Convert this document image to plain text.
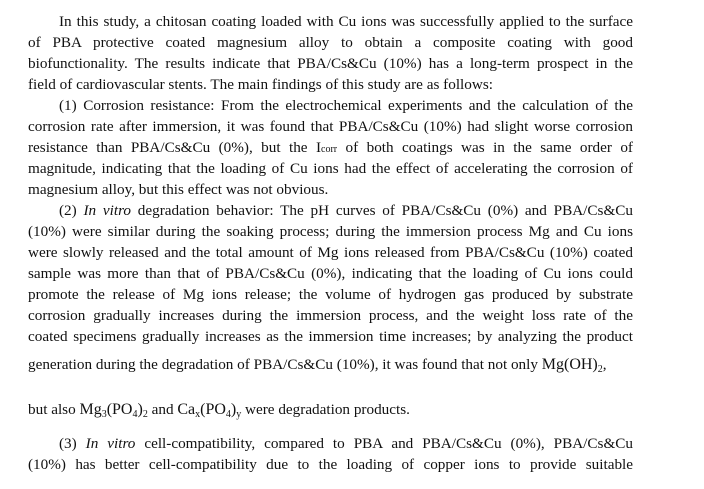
In this study, a chitosan coating loaded with Cu ions was successfully applied to the surface
of PBA protective coated magnesium alloy to obtain a composite coating with good
biofunctionality. The results indicate that PBA/Cs&Cu (10%) has a long-term prospect in the
field of cardiovascular stents. The main findings of this study are as follows:
(1) Corrosion resistance: From the electrochemical experiments and the calculation of the
corrosion rate after immersion, it was found that PBA/Cs&Cu (10%) had slight worse corrosion
resistance than PBA/Cs&Cu (0%), but the Icorr of both coatings was in the same order of
magnitude, indicating that the loading of Cu ions had the effect of accelerating the corrosion of
magnesium alloy, but this effect was not obvious.
(2) In vitro degradation behavior: The pH curves of PBA/Cs&Cu (0%) and PBA/Cs&Cu
(10%) were similar during the soaking process; during the immersion process Mg and Cu ions
were slowly released and the total amount of Mg ions released from PBA/Cs&Cu (10%) coated
sample was more than that of PBA/Cs&Cu (0%), indicating that the loading of Cu ions could
promote the release of Mg ions release; the volume of hydrogen gas produced by substrate
corrosion gradually increases during the immersion process, and the weight loss rate of the
coated specimens gradually increases as the immersion time increases; by analyzing the product
generation during the degradation of PBA/Cs&Cu (10%), it was found that not only $Mg(OH)_2$,
but also $Mg_3(PO_4)_2$ and $Ca_x(PO_4)_y$ were degradation products.
(3) In vitro cell-compatibility, compared to PBA and PBA/Cs&Cu (0%), PBA/Cs&Cu
(10%) has better cell-compatibility due to the loading of copper ions to provide suitable
